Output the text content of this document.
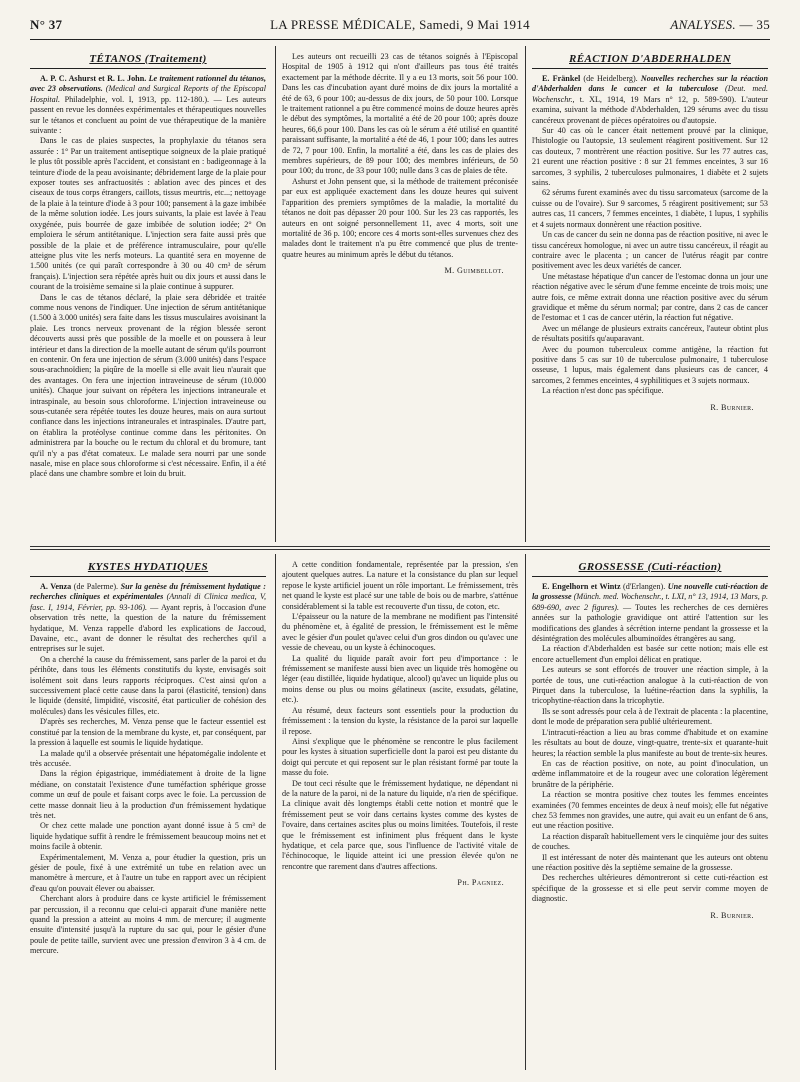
N° 37	LA PRESSE MÉDICALE, Samedi, 9 Mai 1914	ANALYSES. — 35
TÉTANOS (Traitement)

A. P. C. Ashurst et R. L. John. Le traitement rationnel du tétanos, avec 23 observations. (Medical and Surgical Reports of the Episcopal Hospital. Philadelphie, vol. I, 1913, pp. 112-180.). — Les auteurs passent en revue les données expérimentales et thérapeutiques nouvelles sur le tétanos et concluent au point de vue thérapeutique de la manière suivante :

Dans le cas de plaies suspectes, la prophylaxie du tétanos sera assurée : 1° Par un traitement antiseptique soigneux de la plaie pratiqué le plus tôt possible après l'accident, et consistant en : badigeonnage à la teinture d'iode de la peau avoisinante; débridement large de la plaie pour exposer toutes ses anfractuosités : ablation avec des pinces et des ciseaux de tous corps étrangers, caillots, tissus meurtris, etc...; nettoyage de la plaie à la teinture d'iode à 3 pour 100; pansement à la gaze imbibée de la même solution iodée. Les jours suivants, la plaie est lavée à l'eau oxygénée, puis bourrée de gaze imbibée de solution iodée; 2° On emploiera le sérum antitétanique. L'injection sera faite aussi près que possible de la plaie et de préférence intramusculaire, pour qu'elle atteigne plus vite les nerfs moteurs. La quantité sera en moyenne de 1.500 unités (ce qui paraît correspondre à 30 ou 40 cm³ de sérum français). L'injection sera répétée après huit ou dix jours et aussi dans le courant de la troisième semaine si la plaie continue à suppurer.

Dans le cas de tétanos déclaré, la plaie sera débridée et traitée comme nous venons de l'indiquer. Une injection de sérum antitétanique (1.500 à 3.000 unités) sera faite dans les tissus musculaires avoisinant la plaie. Les troncs nerveux provenant de la région blessée seront découverts aussi près que possible de la moelle et on poussera à leur intérieur et dans la direction de la moelle autant de sérum qu'ils pourront en contenir. On fera une injection de sérum (3.000 unités) dans l'espace sous-arachnoïdien; la piqûre de la moelle si elle avait lieu n'aurait que des avantages. On fera une injection intraveineuse de sérum (10.000 unités). Chaque jour suivant on répétera les injections intraneurale et intraspinale, au besoin sous chloroforme. L'injection intraveineuse ou sous-cutanée sera répétée toutes les douze heures, mais on aura surtout confiance dans les injections intraneurales et intraspinales. D'autre part, on établira la protéolyse continue comme dans les péritonites. On administrera par la bouche ou le rectum du chloral et du bromure, tant qu'il n'y a pas d'état comateux. Le malade sera nourri par une sonde nasale, mise en place sous chloroforme si c'est nécessaire. Enfin, il a été placé dans une chambre sombre et loin du bruit.

Les auteurs ont recueilli 23 cas de tétanos soignés à l'Episcopal Hospital de 1905 à 1912 qui n'ont d'ailleurs pas tous été traités exactement par la méthode décrite. Il y a eu 13 morts, soit 56 pour 100. Dans les cas d'incubation ayant duré moins de dix jours la mortalité a été de 63, 6 pour 100; au-dessus de dix jours, de 50 pour 100. Lorsque le traitement rationnel a pu être commencé moins de douze heures après le début des symptômes, la mortalité a été de 20 pour 100; après douze heures, 66,6 pour 100. Dans les cas où le sérum a été utilisé en quantité paraissant suffisante, la mortalité a été de 46, 1 pour 100; dans les autres de 72, 7 pour 100. Enfin, la mortalité a été, dans les cas de plaies des membres supérieurs, de 89 pour 100; des membres inférieurs, de 50 pour 100; du tronc, de 33 pour 100; nulle dans 3 cas de plaies de tête.

Ashurst et John pensent que, si la méthode de traitement préconisée par eux est appliquée exactement dans les douze heures qui suivent l'apparition des premiers symptômes de la maladie, la mortalité du tétanos ne doit pas dépasser 20 pour 100. Sur les 23 cas rapportés, les auteurs en ont soigné personnellement 11, avec 4 morts, soit une mortalité de 36 p. 100; encore ces 4 morts sont-elles survenues chez des malades dont le traitement n'a pu être commencé que plus de trente-quatre heures au minimum après le début du tétanos.

M. Guimbellot.
RÉACTION D'ABDERHALDEN

E. Fränkel (de Heidelberg). Nouvelles recherches sur la réaction d'Abderhalden dans le cancer et la tuberculose (Deut. med. Wochenschr., t. XL, 1914, 19 Mars n° 12, p. 589-590). L'auteur examina, suivant la méthode d'Abderhalden, 129 sérums avec du tissu cancéreux provenant de pièces opératoires ou d'autopsie.

Sur 40 cas où le cancer était nettement prouvé par la clinique, l'histologie ou l'autopsie, 13 seulement réagirent positivement. Sur 12 cas douteux, 7 montrèrent une réaction positive. Sur les 77 autres cas, 21 eurent une réaction positive : 8 sur 21 femmes enceintes, 3 sur 16 sarcomes, 3 syphilis, 2 tuberculoses pulmonaires, 1 diabète et 2 sujets sains.

62 sérums furent examinés avec du tissu sarcomateux (sarcome de la cuisse ou de l'ovaire). Sur 9 sarcomes, 5 réagirent positivement; sur 53 autres cas, 11 cancers, 7 femmes enceintes, 1 diabète, 1 lupus, 1 syphilis et 4 sujets normaux donnèrent une réaction positive.

Un cas de cancer du sein ne donna pas de réaction positive, ni avec le tissu cancéreux homologue, ni avec un autre tissu cancéreux, il réagit au contraire avec le placenta ; un cancer de l'utérus réagit par contre positivement avec les deux variétés de cancer.

Une métastase hépatique d'un cancer de l'estomac donna un jour une réaction négative avec le sérum d'une femme enceinte de trois mois; une autre fois, ce même extrait donna une réaction positive avec du sérum gravidique et même du sérum normal; par contre, dans 2 cas de cancer de l'estomac et 1 cas de cancer utérin, la réaction fut négative.

Avec un mélange de plusieurs extraits cancéreux, l'auteur obtint plus de résultats positifs qu'auparavant.

Avec du poumon tuberculeux comme antigène, la réaction fut positive dans 5 cas sur 10 de tuberculose pulmonaire, 1 tuberculose osseuse, 1 lupus, mais également dans plusieurs cas de cancer, 4 sarcomes, 2 femmes enceintes, 4 syphilitiques et 3 sujets normaux.

La réaction n'est donc pas spécifique.

R. Burnier.
KYSTES HYDATIQUES

A. Venza (de Palerme). Sur la genèse du frémissement hydatique : recherches cliniques et expérimentales (Annali di Clinica medica, V, fasc. I, 1914, Février, pp. 93-106). — Ayant repris, à l'occasion d'une observation très nette, la question de la nature du frémissement hydatique, M. Venza rappelle d'abord les explications de Jaccoud, Davaine, etc., avant de donner le résultat des recherches qu'il a entreprises sur le sujet.

On a cherché la cause du frémissement, sans parler de la paroi et du périhôte, dans tous les éléments constitutifs du kyste, envisagés soit isolément soit dans leurs rapports réciproques. C'est ainsi qu'on a successivement placé cette cause dans la paroi (élasticité, tension) dans le liquide (densité, limpidité, viscosité, état particulier de cohésion des molécules) dans les vésicules filles, etc.

D'après ses recherches, M. Venza pense que le facteur essentiel est constitué par la tension de la membrane du kyste, et, par conséquent, par la pression à laquelle est soumis le liquide hydatique.

La malade qu'il a observée présentait une hépatomégalie indolente et très accusée.

Dans la région épigastrique, immédiatement à droite de la ligne médiane, on constatait l'existence d'une tuméfaction sphérique grosse comme un œuf de poule et faisant corps avec le foie. La percussion de cette masse donnait lieu à la production d'un frémissement hydatique très net.

Or chez cette malade une ponction ayant donné issue à 5 cm³ de liquide hydatique suffit à rendre le frémissement beaucoup moins net et moins facile à obtenir.

Expérimentalement, M. Venza a, pour étudier la question, pris un gésier de poule, fixé à une extrémité un tube en relation avec un manomètre à mercure, et à l'autre un tube en rapport avec un récipient d'eau qu'on pouvait élever ou abaisser.

Cherchant alors à produire dans ce kyste artificiel le frémissement par percussion, il a reconnu que celui-ci apparait d'une manière nette quand la pression a atteint au moins 4 mm. de mercure; il augmente ensuite d'intensité jusqu'à la rupture du sac qui, pour le gésier d'une poule de petite taille, survient avec une pression d'environ 3 à 4 cm. de mercure.

A cette condition fondamentale, représentée par la pression, s'en ajoutent quelques autres. La nature et la consistance du plan sur lequel repose le kyste artificiel jouent un rôle important. Le frémissement, très net quand le kyste est placé sur une table de bois ou de marbre, s'atténue considérablement si la table est recouverte d'un tissu, de coton, etc.

L'épaisseur ou la nature de la membrane ne modifient pas l'intensité du phénomène et, à égalité de pression, le frémissement est le même avec le gésier d'un poulet qu'avec celui d'un gros dindon ou qu'avec une vessie de cheveau, ou un kyste à échinocoques.

La qualité du liquide paraît avoir fort peu d'importance : le frémissement se manifeste aussi bien avec un liquide très homogène ou léger (eau distillée, liquide hydatique, alcool) qu'avec un liquide plus ou moins dense ou plus ou moins gélatineux (ascite, exsudats, gélatine, etc.).

Au résumé, deux facteurs sont essentiels pour la production du frémissement : la tension du kyste, la résistance de la paroi sur laquelle il repose.

Ainsi s'explique que le phénomène se rencontre le plus facilement pour les kystes à situation superficielle dont la paroi est peu distante du doigt qui percute et qui reposent sur le plan résistant formé par toute la masse du foie.

De tout ceci résulte que le frémissement hydatique, ne dépendant ni de la nature de la paroi, ni de la nature du liquide, n'a rien de spécifique. La clinique avait dès longtemps établi cette notion et montré que le frémissement peut se voir dans certains kystes comme des kystes de l'ovaire, dans certaines ascites plus ou moins limitées. Toutefois, il reste que le frémissement est infiniment plus fréquent dans le kyste hydatique, et cela parce que, sous l'influence de l'activité vitale de l'échinocoque, le liquide atteint ici une pression élevée qu'on ne rencontre que rarement dans d'autres affections.

Ph. Pagniez.
GROSSESSE (Cuti-réaction)

E. Engelhorn et Wintz (d'Erlangen). Une nouvelle cuti-réaction de la grossesse (Münch. med. Wochenschr., t. LXI, n° 13, 1914, 13 Mars, p. 689-690, avec 2 figures). — Toutes les recherches de ces dernières années sur la pathologie gravidique ont attiré l'attention sur les modifications des glandes à sécrétion interne pendant la grossesse et la désintégration des molécules albuminoïdes étrangères au sang.

La réaction d'Abderhalden est basée sur cette notion; mais elle est encore actuellement d'un emploi délicat en pratique.

Les auteurs se sont efforcés de trouver une réaction simple, à la portée de tous, une cuti-réaction analogue à la cuti-réaction de von Pirquet dans la tuberculose, la luétine-réaction dans la syphilis, la tricophytine-réaction dans la tricophytie.

Ils se sont adressés pour cela à de l'extrait de placenta : la placentine, dont le mode de préparation sera publié ultérieurement.

L'intracuti-réaction a lieu au bras comme d'habitude et on examine les résultats au bout de douze, vingt-quatre, trente-six et quarante-huit heures; la réaction semble la plus manifeste au bout de trente-six heures.

En cas de réaction positive, on note, au point d'inoculation, un œdème inflammatoire et de la rougeur avec une coloration légèrement brunâtre de la périphérie.

La réaction se montra positive chez toutes les femmes enceintes examinées (70 femmes enceintes de deux à neuf mois); elle fut négative chez 53 femmes non gravides, une autre, qui avait eu un enfant de 6 ans, eut une réaction positive.

La réaction disparaît habituellement vers le cinquième jour des suites de couches.

Il est intéressant de noter dès maintenant que les auteurs ont obtenu une réaction positive dès la septième semaine de la grossesse.

Des recherches ultérieures démontreront si cette cuti-réaction est spécifique de la grossesse et si elle peut servir comme moyen de diagnostic.

R. Burnier.
